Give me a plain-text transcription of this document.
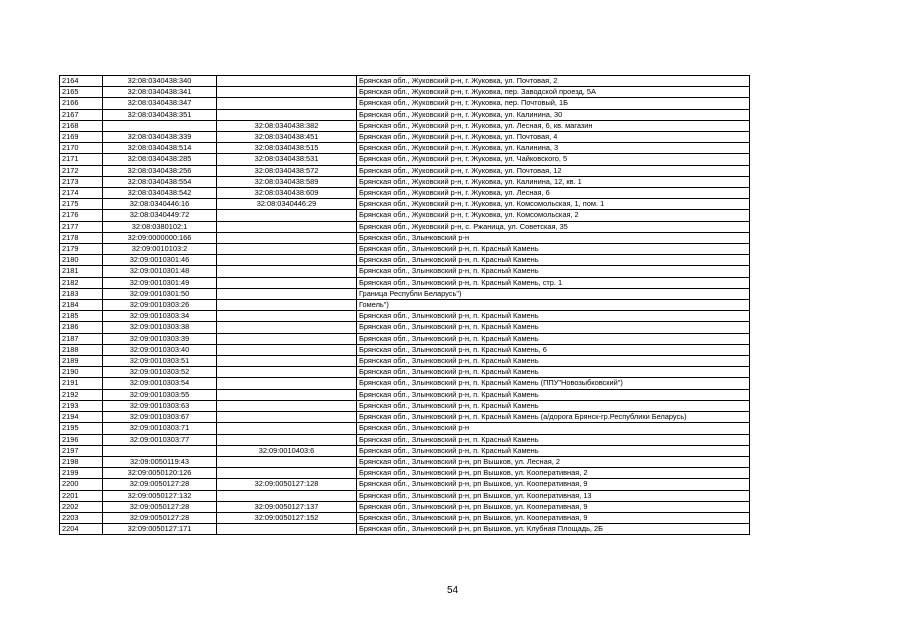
2164	32:08:0340438:340		Брянская обл., Жуковский р-н, г. Жуковка, ул. Почтовая, 2
2165	32:08:0340438:341		Брянская обл., Жуковский р-н, г. Жуковка, пер. Заводской проезд, 5А
2166	32:08:0340438:347		Брянская обл., Жуковский р-н, г. Жуковка, пер. Почтовый, 1Б
2167	32:08:0340438:351		Брянская обл., Жуковский р-н, г. Жуковка, ул. Калинина, 30
2168		32:08:0340438:382	Брянская обл., Жуковский р-н, г. Жуковка, ул. Лесная, 6, кв. магазин
2169	32:08:0340438:339	32:08:0340438:451	Брянская обл., Жуковский р-н, г. Жуковка, ул. Почтовая, 4
2170	32:08:0340438:514	32:08:0340438:515	Брянская обл., Жуковский р-н, г. Жуковка, ул. Калинина, 3
2171	32:08:0340438:285	32:08:0340438:531	Брянская обл., Жуковский р-н, г. Жуковка, ул. Чайковского, 5
2172	32:08:0340438:256	32:08:0340438:572	Брянская обл., Жуковский р-н, г. Жуковка, ул. Почтовая, 12
2173	32:08:0340438:554	32:08:0340438:589	Брянская обл., Жуковский р-н, г. Жуковка, ул. Калинина, 12, кв. 1
2174	32:08:0340438:542	32:08:0340438:609	Брянская обл., Жуковский р-н, г. Жуковка, ул. Лесная, 6
2175	32:08:0340446:16	32:08:0340446:29	Брянская обл., Жуковский р-н, г. Жуковка, ул. Комсомольская, 1, пом. 1
2176	32:08:0340449:72		Брянская обл., Жуковский р-н, г. Жуковка, ул. Комсомольская, 2
2177	32:08:0380102:1		Брянская обл., Жуковский р-н, с. Ржаница, ул. Советская, 35
2178	32:09:0000000:166		Брянская обл., Злынковский р-н
2179	32:09:0010103:2		Брянская обл., Злынковский р-н, п. Красный Камень
2180	32:09:0010301:46		Брянская обл., Злынковский р-н, п. Красный Камень
2181	32:09:0010301:48		Брянская обл., Злынковский р-н, п. Красный Камень
2182	32:09:0010301:49		Брянская обл., Злынковский р-н, п. Красный Камень, стр. 1
2183	32:09:0010301:50		Граница Республи Беларусь")
2184	32:09:0010303:26		Гомель")
2185	32:09:0010303:34		Брянская обл., Злынковский р-н, п. Красный Камень
2186	32:09:0010303:38		Брянская обл., Злынковский р-н, п. Красный Камень
2187	32:09:0010303:39		Брянская обл., Злынковский р-н, п. Красный Камень
2188	32:09:0010303:40		Брянская обл., Злынковский р-н, п. Красный Камень, 6
2189	32:09:0010303:51		Брянская обл., Злынковский р-н, п. Красный Камень
2190	32:09:0010303:52		Брянская обл., Злынковский р-н, п. Красный Камень
2191	32:09:0010303:54		Брянская обл., Злынковский р-н, п. Красный Камень (ППУ"Новозыбковский")
2192	32:09:0010303:55		Брянская обл., Злынковский р-н, п. Красный Камень
2193	32:09:0010303:63		Брянская обл., Злынковский р-н, п. Красный Камень
2194	32:09:0010303:67		Брянская обл., Злынковский р-н, п. Красный Камень (а/дорога Брянск-гр.Республики Беларусь)
2195	32:09:0010303:71		Брянская обл., Злынковский р-н
2196	32:09:0010303:77		Брянская обл., Злынковский р-н, п. Красный Камень
2197		32:09:0010403:6	Брянская обл., Злынковский р-н, п. Красный Камень
2198	32:09:0050119:43		Брянская обл., Злынковский р-н, рп Вышков, ул. Лесная, 2
2199	32:09:0050120:126		Брянская обл., Злынковский р-н, рп Вышков, ул. Кооперативная, 2
2200	32:09:0050127:28	32:09:0050127:128	Брянская обл., Злынковский р-н, рп Вышков, ул. Кооперативная, 9
2201	32:09:0050127:132		Брянская обл., Злынковский р-н, рп Вышков, ул. Кооперативная, 13
2202	32:09:0050127:28	32:09:0050127:137	Брянская обл., Злынковский р-н, рп Вышков, ул. Кооперативная, 9
2203	32:09:0050127:28	32:09:0050127:152	Брянская обл., Злынковский р-н, рп Вышков, ул. Кооперативная, 9
2204	32:09:0050127:171		Брянская обл., Злынковский р-н, рп Вышков, ул. Клубная Площадь, 2Б
54
